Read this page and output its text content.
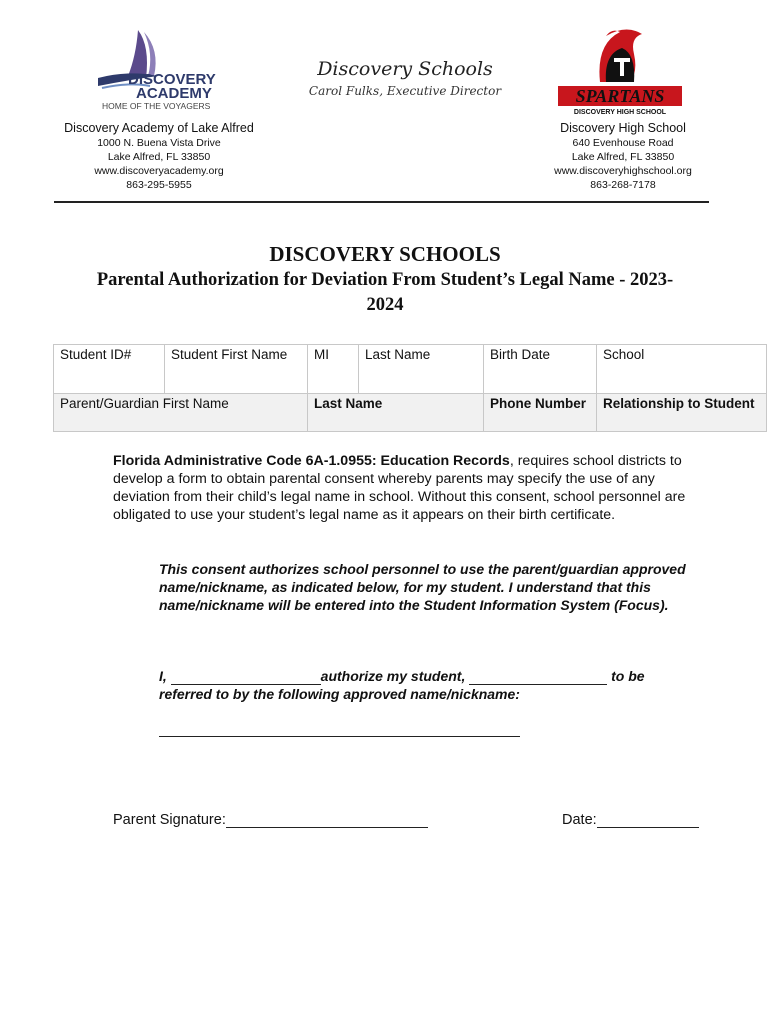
DISCOVERY
ACADEMY
HOME OF THE VOYAGERS
Discovery Schools
Carol Fulks, Executive Director	SPARTANS
DISCOVERY HIGH SCHOOL
Discovery Academy of Lake Alfred
1000 N. Buena Vista Drive
Lake Alfred, FL 33850
www.discoveryacademy.org
863-295-5955
Discovery High School
640 Evenhouse Road
Lake Alfred, FL 33850
www.discoveryhighschool.org
863-268-7178
DISCOVERY SCHOOLS
Parental Authorization for Deviation From Student’s Legal Name - 2023-2024
Student ID#	Student First Name	MI	Last Name	Birth Date	School
Parent/Guardian First Name		Last Name		Phone Number	Relationship to Student
Florida Administrative Code 6A-1.0955: Education Records, requires school districts to develop a form to obtain parental consent whereby parents may specify the use of any deviation from their child’s legal name in school. Without this consent, school personnel are obligated to use your student’s legal name as it appears on their birth certificate.
This consent authorizes school personnel to use the parent/guardian approved name/nickname, as indicated below, for my student. I understand that this name/nickname will be entered into the Student Information System (Focus).
I,	authorize my student,	to be
referred to by the following approved name/nickname:
Parent Signature:	Date:
